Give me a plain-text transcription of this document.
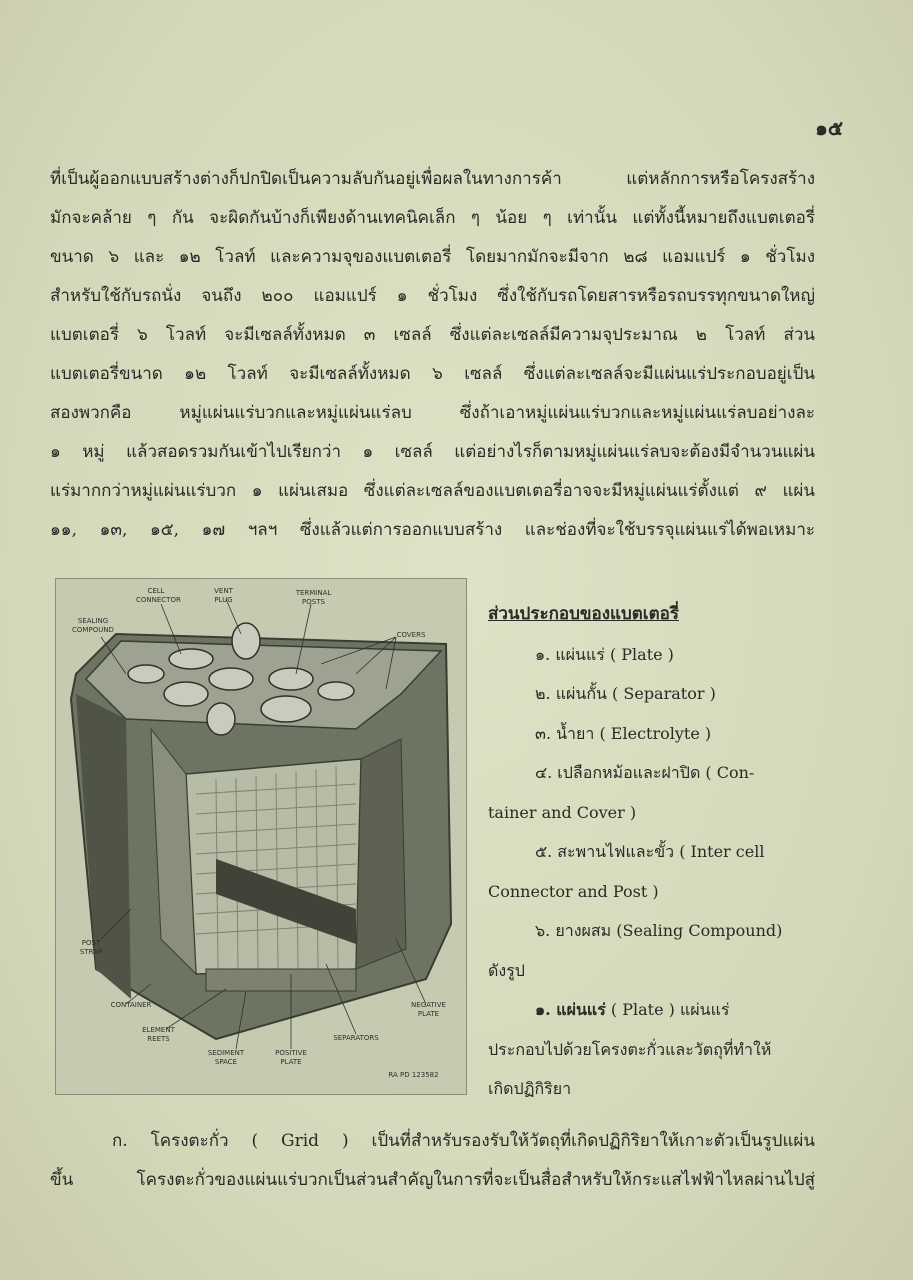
๑๕
ที่เป็นผู้ออกแบบสร้างต่างก็ปกปิดเป็นความลับกันอยู่เพื่อผลในทางการค้า แต่หลักการหรือโครงสร้าง
มักจะคล้าย ๆ กัน จะผิดกันบ้างก็เพียงด้านเทคนิคเล็ก ๆ น้อย ๆ เท่านั้น แต่ทั้งนี้หมายถึงแบตเตอรี่
ขนาด ๖ และ ๑๒ โวลท์ และความจุของแบตเตอรี่ โดยมากมักจะมีจาก ๒๘ แอมแปร์ ๑ ชั่วโมง
สำหรับใช้กับรถนั่ง จนถึง ๒๐๐ แอมแปร์ ๑ ชั่วโมง ซึ่งใช้กับรถโดยสารหรือรถบรรทุกขนาดใหญ่
แบตเตอรี่ ๖ โวลท์ จะมีเซลล์ทั้งหมด ๓ เซลล์ ซึ่งแต่ละเซลล์มีความจุประมาณ ๒ โวลท์ ส่วน
แบตเตอรี่ขนาด ๑๒ โวลท์ จะมีเซลล์ทั้งหมด ๖ เซลล์ ซึ่งแต่ละเซลล์จะมีแผ่นแร่ประกอบอยู่เป็น
สองพวกคือ หมู่แผ่นแร่บวกและหมู่แผ่นแร่ลบ ซึ่งถ้าเอาหมู่แผ่นแร่บวกและหมู่แผ่นแร่ลบอย่างละ
๑ หมู่ แล้วสอดรวมกันเข้าไปเรียกว่า ๑ เซลล์ แต่อย่างไรก็ตามหมู่แผ่นแร่ลบจะต้องมีจำนวนแผ่น
แร่มากกว่าหมู่แผ่นแร่บวก ๑ แผ่นเสมอ ซึ่งแต่ละเซลล์ของแบตเตอรี่อาจจะมีหมู่แผ่นแร่ตั้งแต่ ๙ แผ่น
๑๑, ๑๓, ๑๕, ๑๗ ฯลฯ ซึ่งแล้วแต่การออกแบบสร้าง และช่องที่จะใช้บรรจุแผ่นแร่ได้พอเหมาะ
CELL CONNECTOR
VENT PLUG
TERMINAL POSTS
SEALING COMPOUND
COVERS
POST STRAP
CONTAINER
ELEMENT REETS
SEDIMENT SPACE
POSITIVE PLATE
SEPARATORS
NEGATIVE PLATE
RA PD 123582
ส่วนประกอบของแบตเตอรี่
๑. แผ่นแร่ ( Plate )
๒. แผ่นกั้น ( Separator )
๓. น้ำยา ( Electrolyte )
๔. เปลือกหม้อและฝาปิด ( Con-
tainer and Cover )
๕. สะพานไฟและขั้ว ( Inter cell
Connector and Post )
๖. ยางผสม (Sealing Compound)
ดังรูป
๑. แผ่นแร่ ( Plate ) แผ่นแร่
ประกอบไปด้วยโครงตะกั่วและวัตถุที่ทำให้
เกิดปฏิกิริยา
ก. โครงตะกั่ว ( Grid ) เป็นที่สำหรับรองรับให้วัตถุที่เกิดปฏิกิริยาให้เกาะตัวเป็นรูปแผ่น
ขึ้น โครงตะกั่วของแผ่นแร่บวกเป็นส่วนสำคัญในการที่จะเป็นสื่อสำหรับให้กระแสไฟฟ้าไหลผ่านไปสู่
